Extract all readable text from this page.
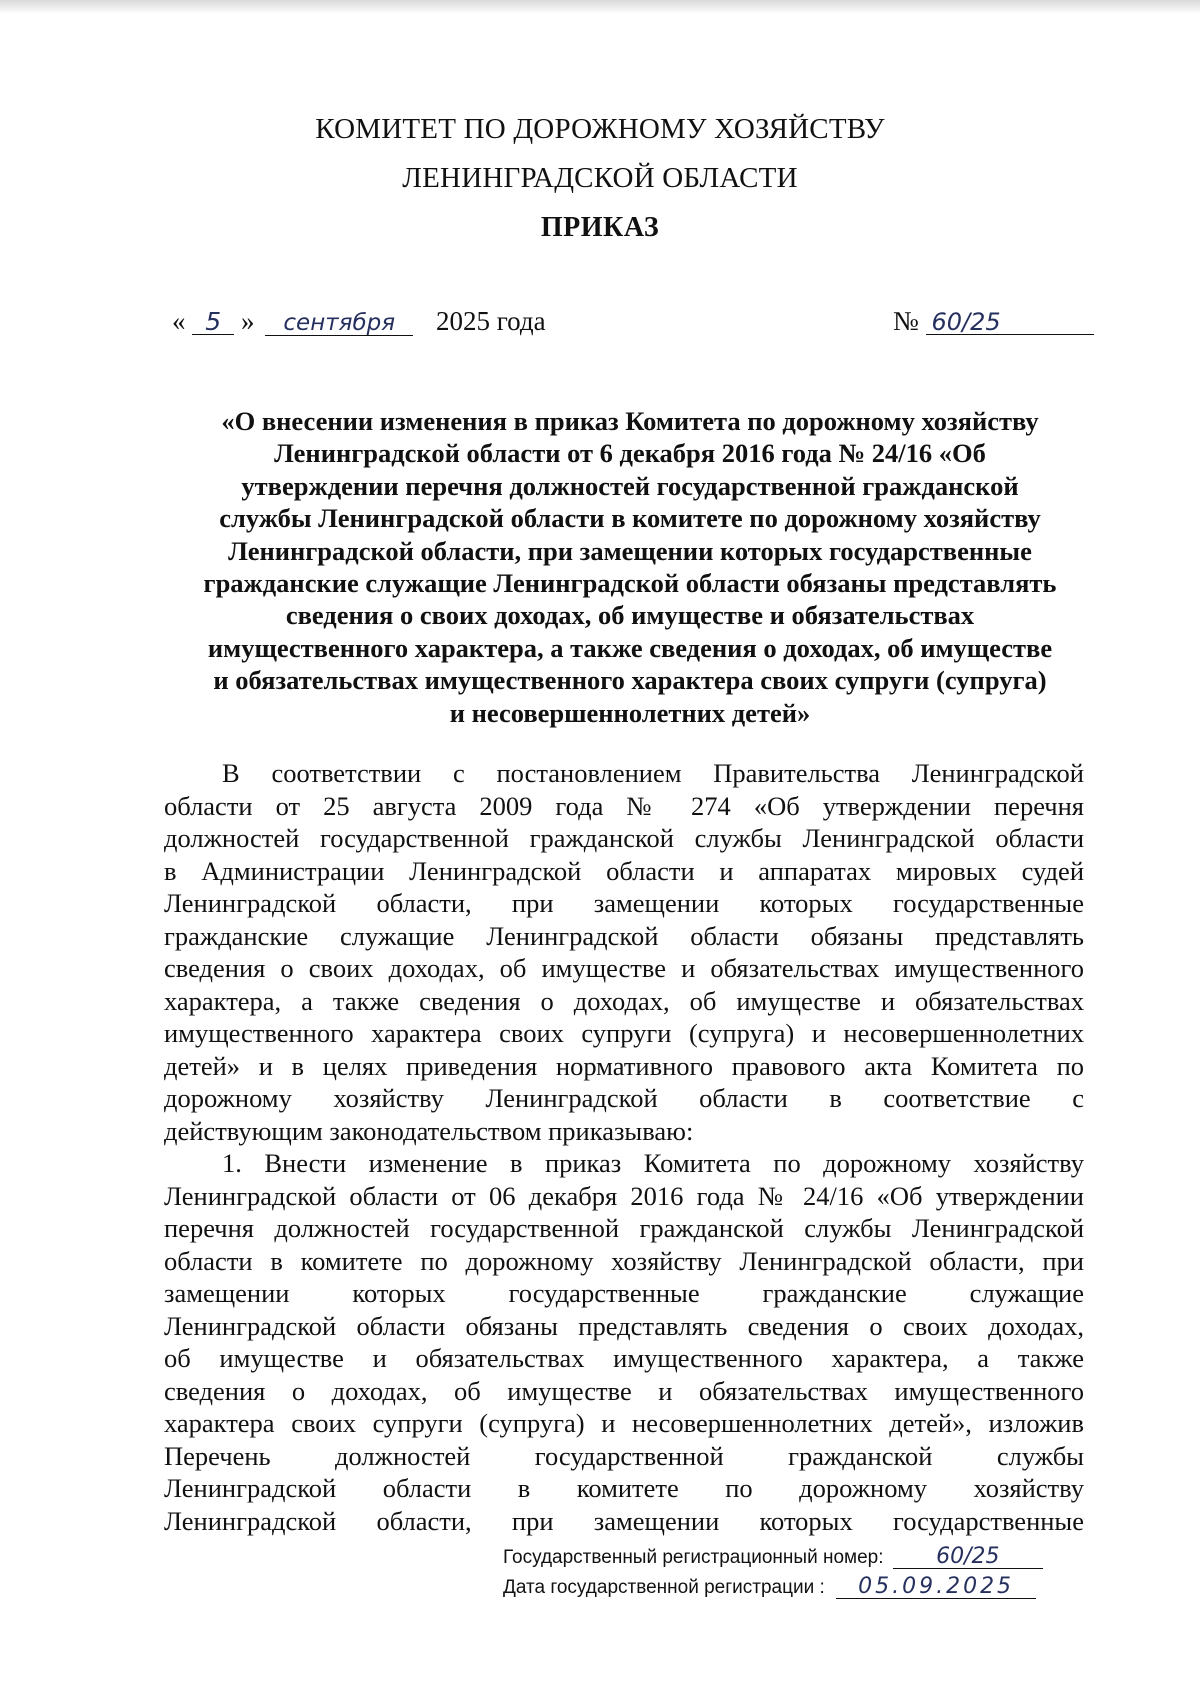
КОМИТЕТ ПО ДОРОЖНОМУ ХОЗЯЙСТВУ
ЛЕНИНГРАДСКОЙ ОБЛАСТИ
ПРИКАЗ
« 5 » сентября 2025 года	№ 60/25
«О внесении изменения в приказ Комитета по дорожному хозяйству
Ленинградской области от 6 декабря 2016 года № 24/16 «Об
утверждении перечня должностей государственной гражданской
службы Ленинградской области в комитете по дорожному хозяйству
Ленинградской области, при замещении которых государственные
гражданские служащие Ленинградской области обязаны представлять
сведения о своих доходах, об имуществе и обязательствах
имущественного характера, а также сведения о доходах, об имуществе
и обязательствах имущественного характера своих супруги (супруга)
и несовершеннолетних детей»
В соответствии с постановлением Правительства Ленинградской
области от 25 августа 2009 года № 274 «Об утверждении перечня
должностей государственной гражданской службы Ленинградской области
в Администрации Ленинградской области и аппаратах мировых судей
Ленинградской области, при замещении которых государственные
гражданские служащие Ленинградской области обязаны представлять
сведения о своих доходах, об имуществе и обязательствах имущественного
характера, а также сведения о доходах, об имуществе и обязательствах
имущественного характера своих супруги (супруга) и несовершеннолетних
детей» и в целях приведения нормативного правового акта Комитета по
дорожному хозяйству Ленинградской области в соответствие с
действующим законодательством приказываю:
1. Внести изменение в приказ Комитета по дорожному хозяйству
Ленинградской области от 06 декабря 2016 года № 24/16 «Об утверждении
перечня должностей государственной гражданской службы Ленинградской
области в комитете по дорожному хозяйству Ленинградской области, при
замещении которых государственные гражданские служащие
Ленинградской области обязаны представлять сведения о своих доходах,
об имуществе и обязательствах имущественного характера, а также
сведения о доходах, об имуществе и обязательствах имущественного
характера своих супруги (супруга) и несовершеннолетних детей», изложив
Перечень должностей государственной гражданской службы
Ленинградской области в комитете по дорожному хозяйству
Ленинградской области, при замещении которых государственные
Государственный регистрационный номер: 60/25
Дата государственной регистрации : 05.09.2025
